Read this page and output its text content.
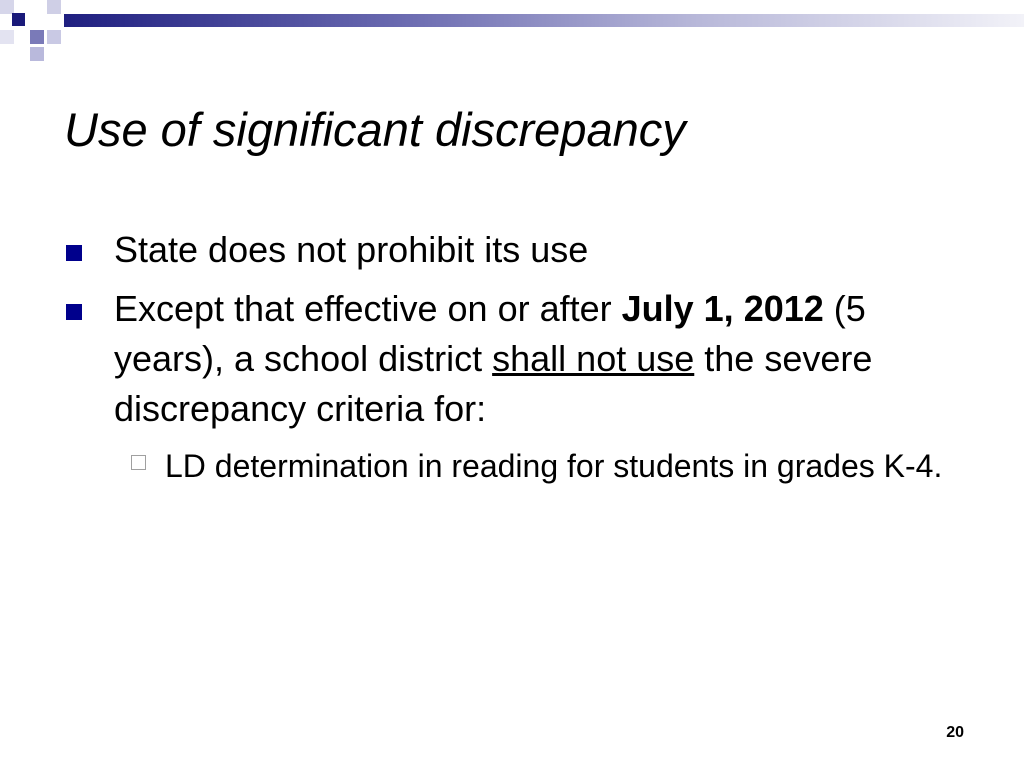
Use of significant discrepancy
State does not prohibit its use
Except that effective on or after July 1, 2012 (5 years), a school district shall not use the severe discrepancy criteria for:
LD determination in reading for students in grades K-4.
20
